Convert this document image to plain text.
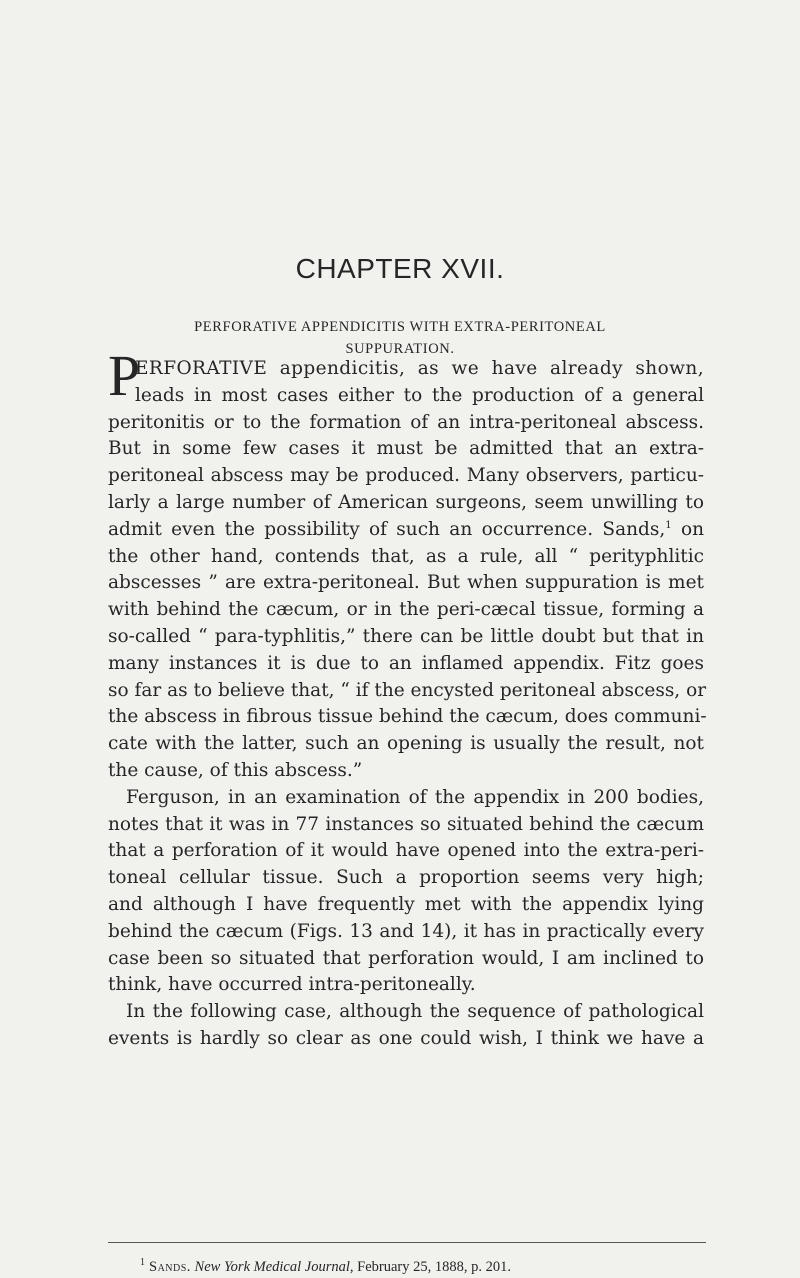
CHAPTER XVII.
PERFORATIVE APPENDICITIS WITH EXTRA-PERITONEAL
SUPPURATION.
P
ERFORATIVE appendicitis, as we have already shown,
leads in most cases either to the production of a general
peritonitis or to the formation of an intra-peritoneal abscess.
But in some few cases it must be admitted that an extra-
peritoneal abscess may be produced. Many observers, particu-
larly a large number of American surgeons, seem unwilling to
admit even the possibility of such an occurrence. Sands,$^1$ on
the other hand, contends that, as a rule, all “ perityphlitic
abscesses ” are extra-peritoneal. But when suppuration is met
with behind the cæcum, or in the peri-cæcal tissue, forming a
so-called “ para-typhlitis,” there can be little doubt but that in
many instances it is due to an inflamed appendix. Fitz goes
so far as to believe that, “ if the encysted peritoneal abscess, or
the abscess in fibrous tissue behind the cæcum, does communi-
cate with the latter, such an opening is usually the result, not
the cause, of this abscess.”
Ferguson, in an examination of the appendix in 200 bodies,
notes that it was in 77 instances so situated behind the cæcum
that a perforation of it would have opened into the extra-peri-
toneal cellular tissue. Such a proportion seems very high;
and although I have frequently met with the appendix lying
behind the cæcum (Figs. 13 and 14), it has in practically every
case been so situated that perforation would, I am inclined to
think, have occurred intra-peritoneally.
In the following case, although the sequence of pathological
events is hardly so clear as one could wish, I think we have a
$^1$ Sands. New York Medical Journal, February 25, 1888, p. 201.
